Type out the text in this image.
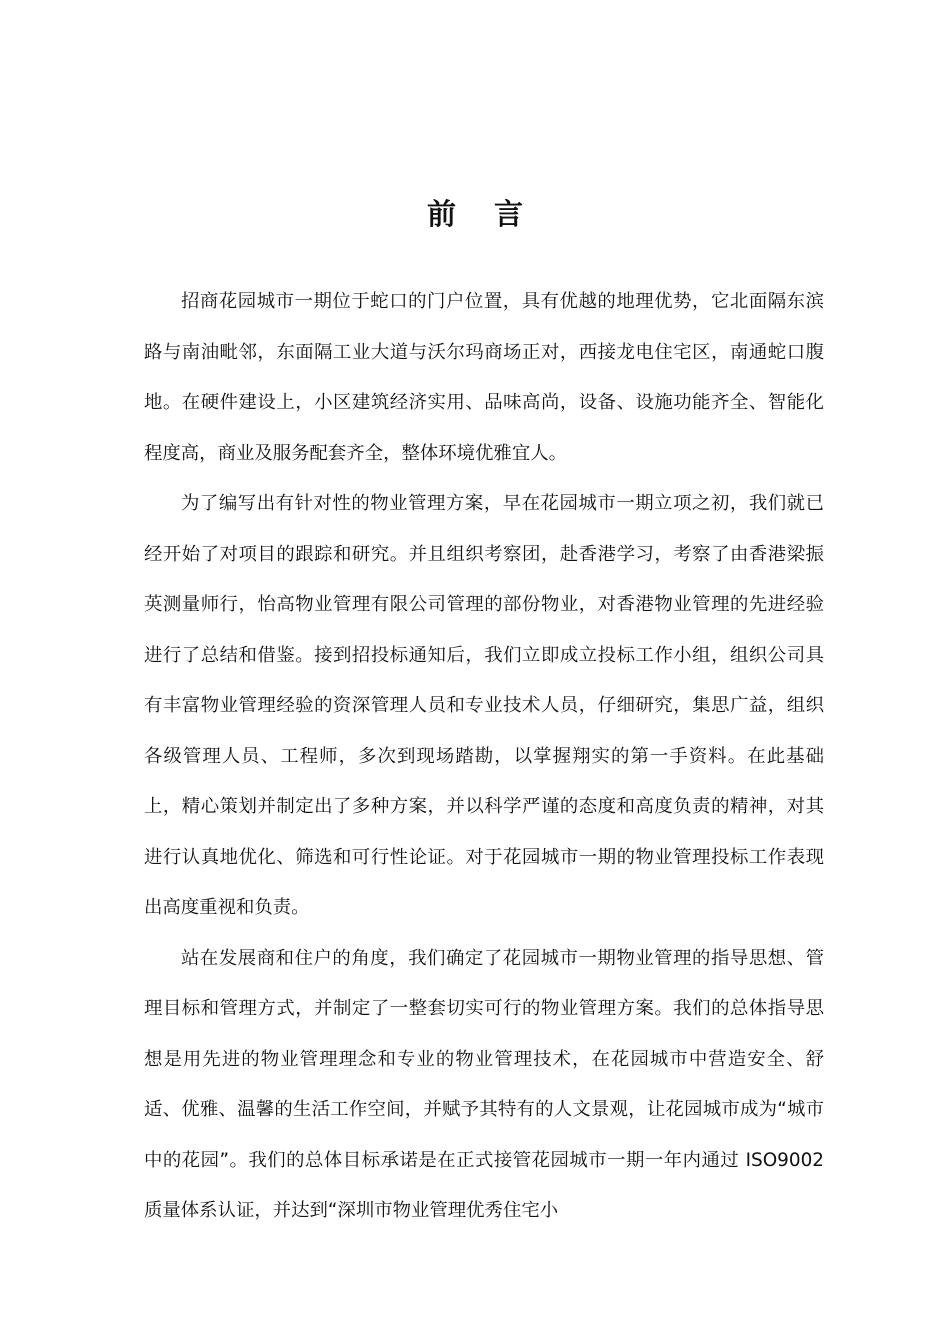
前言

招商花园城市一期位于蛇口的门户位置，具有优越的地理优势，它北面隔东滨路与南油毗邻，东面隔工业大道与沃尔玛商场正对，西接龙电住宅区，南通蛇口腹地。在硬件建设上，小区建筑经济实用、品味高尚，设备、设施功能齐全、智能化程度高，商业及服务配套齐全，整体环境优雅宜人。

为了编写出有针对性的物业管理方案，早在花园城市一期立项之初，我们就已经开始了对项目的跟踪和研究。并且组织考察团，赴香港学习，考察了由香港梁振英测量师行，怡高物业管理有限公司管理的部份物业，对香港物业管理的先进经验进行了总结和借鉴。接到招投标通知后，我们立即成立投标工作小组，组织公司具有丰富物业管理经验的资深管理人员和专业技术人员，仔细研究，集思广益，组织各级管理人员、工程师，多次到现场踏勘，以掌握翔实的第一手资料。在此基础上，精心策划并制定出了多种方案，并以科学严谨的态度和高度负责的精神，对其进行认真地优化、筛选和可行性论证。对于花园城市一期的物业管理投标工作表现出高度重视和负责。

站在发展商和住户的角度，我们确定了花园城市一期物业管理的指导思想、管理目标和管理方式，并制定了一整套切实可行的物业管理方案。我们的总体指导思想是用先进的物业管理理念和专业的物业管理技术，在花园城市中营造安全、舒适、优雅、温馨的生活工作空间，并赋予其特有的人文景观，让花园城市成为“城市中的花园”。我们的总体目标承诺是在正式接管花园城市一期一年内通过 ISO9002 质量体系认证，并达到“深圳市物业管理优秀住宅小
